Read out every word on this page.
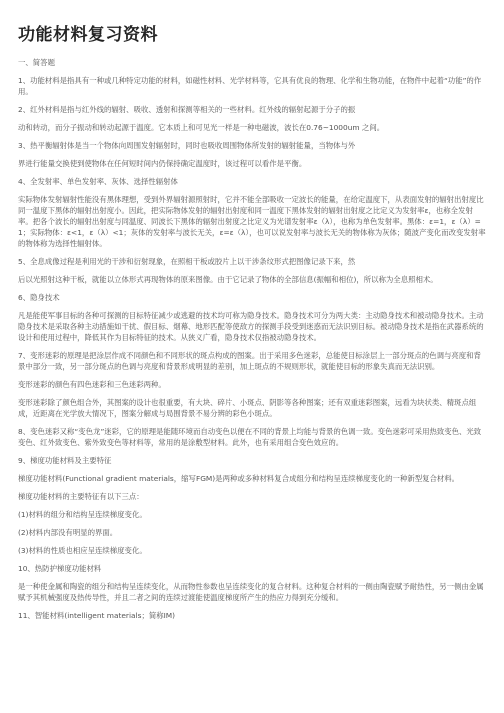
功能材料复习资料

一、简答题

1、功能材料是指具有一种或几种特定功能的材料，如磁性材料、光学材料等，它具有优良的物理、化学和生物功能，在物件中起着“功能”的作用。

2、红外材料是指与红外线的辐射、吸收、透射和探测等相关的一些材料。红外线的辐射起源于分子的振

动和转动，而分子振动和转动起源于温度。它本质上和可见光一样是一种电磁波，波长在0.76~1000um 之间。

3、热平衡辐射体是当一个物体向周围发射辐射时，同时也吸收周围物体所发射的辐射能量，当物体与外

界进行能量交换使到使物体在任何短时间内仍保持确定温度时，该过程可以看作是平衡。

4、全发射率、单色发射率、灰体、选择性辐射体

实际物体发射辐射性能没有黑体理想，受到外界辐射源照射时，它并不能全部吸收一定波长的能量，在给定温度下，从表面发射的辐射出射度比同一温度下黑体的辐射出射度小。因此，把实际物体发射的辐射出射度和同一温度下黑体发射的辐射出射度之比定义为发射率ε，也称全发射率。把各个波长的辐射出射度与同温度、同波长下黑体的辐射出射度之比定义为光谱发射率ε（λ），也称为单色发射率。黑体：ε=1，ε（λ）=1；实际物体：ε<1，ε（λ）<1；灰体的发射率与波长无关，ε=ε（λ），也可以说发射率与波长无关的物体称为灰体；随波产变化而改变发射率的物体称为选择性辐射体。

5、全息成像过程是利用光的干涉和衍射现象，在照相干板或胶片上以干涉条纹形式把图像记录下来，然

后以光照射这种干板，就能以立体形式再现物体的原来图像。由于它记录了物体的全部信息(振幅和相位)，所以称为全息照相术。

6、隐身技术

凡是能使军事目标的各种可探测的目标特征减少或逃避的技术均可称为隐身技术。隐身技术可分为两大类：主动隐身技术和被动隐身技术。主动隐身技术是采取各种主动措施如干扰、假目标、烟幕、地形匹配等使敌方的探测手段受到迷惑而无法识别目标。被动隐身技术是指在武器系统的设计和使用过程中，降低其作为目标特征的技术。从狭义广看，隐身技术仅指被动隐身技术。

7、变形迷彩的原理是把涂层作成不同颜色和不同形状的斑点构成的图案。出于采用多色迷彩，总能使目标涂层上一部分斑点的色调与亮度和背景中部分一致，另一部分斑点的色调与亮度和背景形成明显的差别，加上斑点的不规则形状，就能使目标的形象失真而无法识别。

变形迷彩的颜色有四色迷彩和三色迷彩两种。

变形迷彩除了颜色组合外，其图案的设计也很重要，有大块、碎片、小斑点、阴影等各种图案；还有双重迷彩图案，远看为块状类、精斑点组成，近距离在光学放大情况下，图案分解成与局围背景不易分辨的彩色小斑点。

8、变色迷彩又称“变色龙”迷彩，它的原理是能随环境而自动变色以便在不同的背景上均能与背景的色调一致。变色迷彩可采用热致变色、光致变色、红外致变色、紫外致变色等材料等，常用的是涂敷型材料。此外，也有采用组合变色效应的。

9、梯度功能材料及主要特征

梯度功能材料(Functional gradient materials，缩写FGM)是两种或多种材料复合成组分和结构呈连续梯度变化的一种新型复合材料。

梯度功能材料的主要特征有以下三点：

(1)材料的组分和结构呈连续梯度变化。

(2)材料内部没有明显的界面。

(3)材料的性质也相应呈连续梯度变化。

10、热防护梯度功能材料

是一种使金属和陶瓷的组分和结构呈连续变化，从而物性参数也呈连续变化的复合材料。这种复合材料的一侧由陶瓷赋予耐热性，另一侧由金属赋予其机械强度及热传导性，并且二者之间的连续过渡能使温度梯度所产生的热应力得到充分缓和。

11、智能材料(intelligent materials；简称IM)
